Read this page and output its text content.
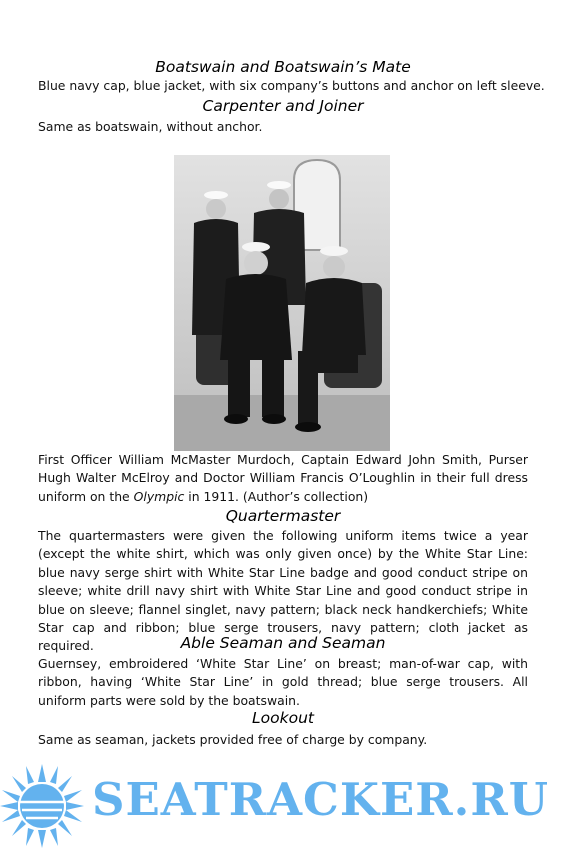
Boatswain and Boatswain’s Mate
Blue navy cap, blue jacket, with six company’s buttons and anchor on left sleeve.
Carpenter and Joiner
Same as boatswain, without anchor.
First Officer William McMaster Murdoch, Captain Edward John Smith, Purser Hugh Walter McElroy and Doctor William Francis O’Loughlin in their full dress uniform on the Olympic in 1911. (Author’s collection)
Quartermaster
The quartermasters were given the following uniform items twice a year (except the white shirt, which was only given once) by the White Star Line: blue navy serge shirt with White Star Line badge and good conduct stripe on sleeve; white drill navy shirt with White Star Line and good conduct stripe in blue on sleeve; flannel singlet, navy pattern; black neck handkerchiefs; White Star cap and ribbon; blue serge trousers, navy pattern; cloth jacket as required.	Able Seaman and Seaman
Guernsey, embroidered ‘White Star Line’ on breast; man-of-war cap, with ribbon, having ‘White Star Line’ in gold thread; blue serge trousers. All uniform parts were sold by the boatswain.
Lookout
Same as seaman, jackets provided free of charge by company.
SEATRACKER.RU
